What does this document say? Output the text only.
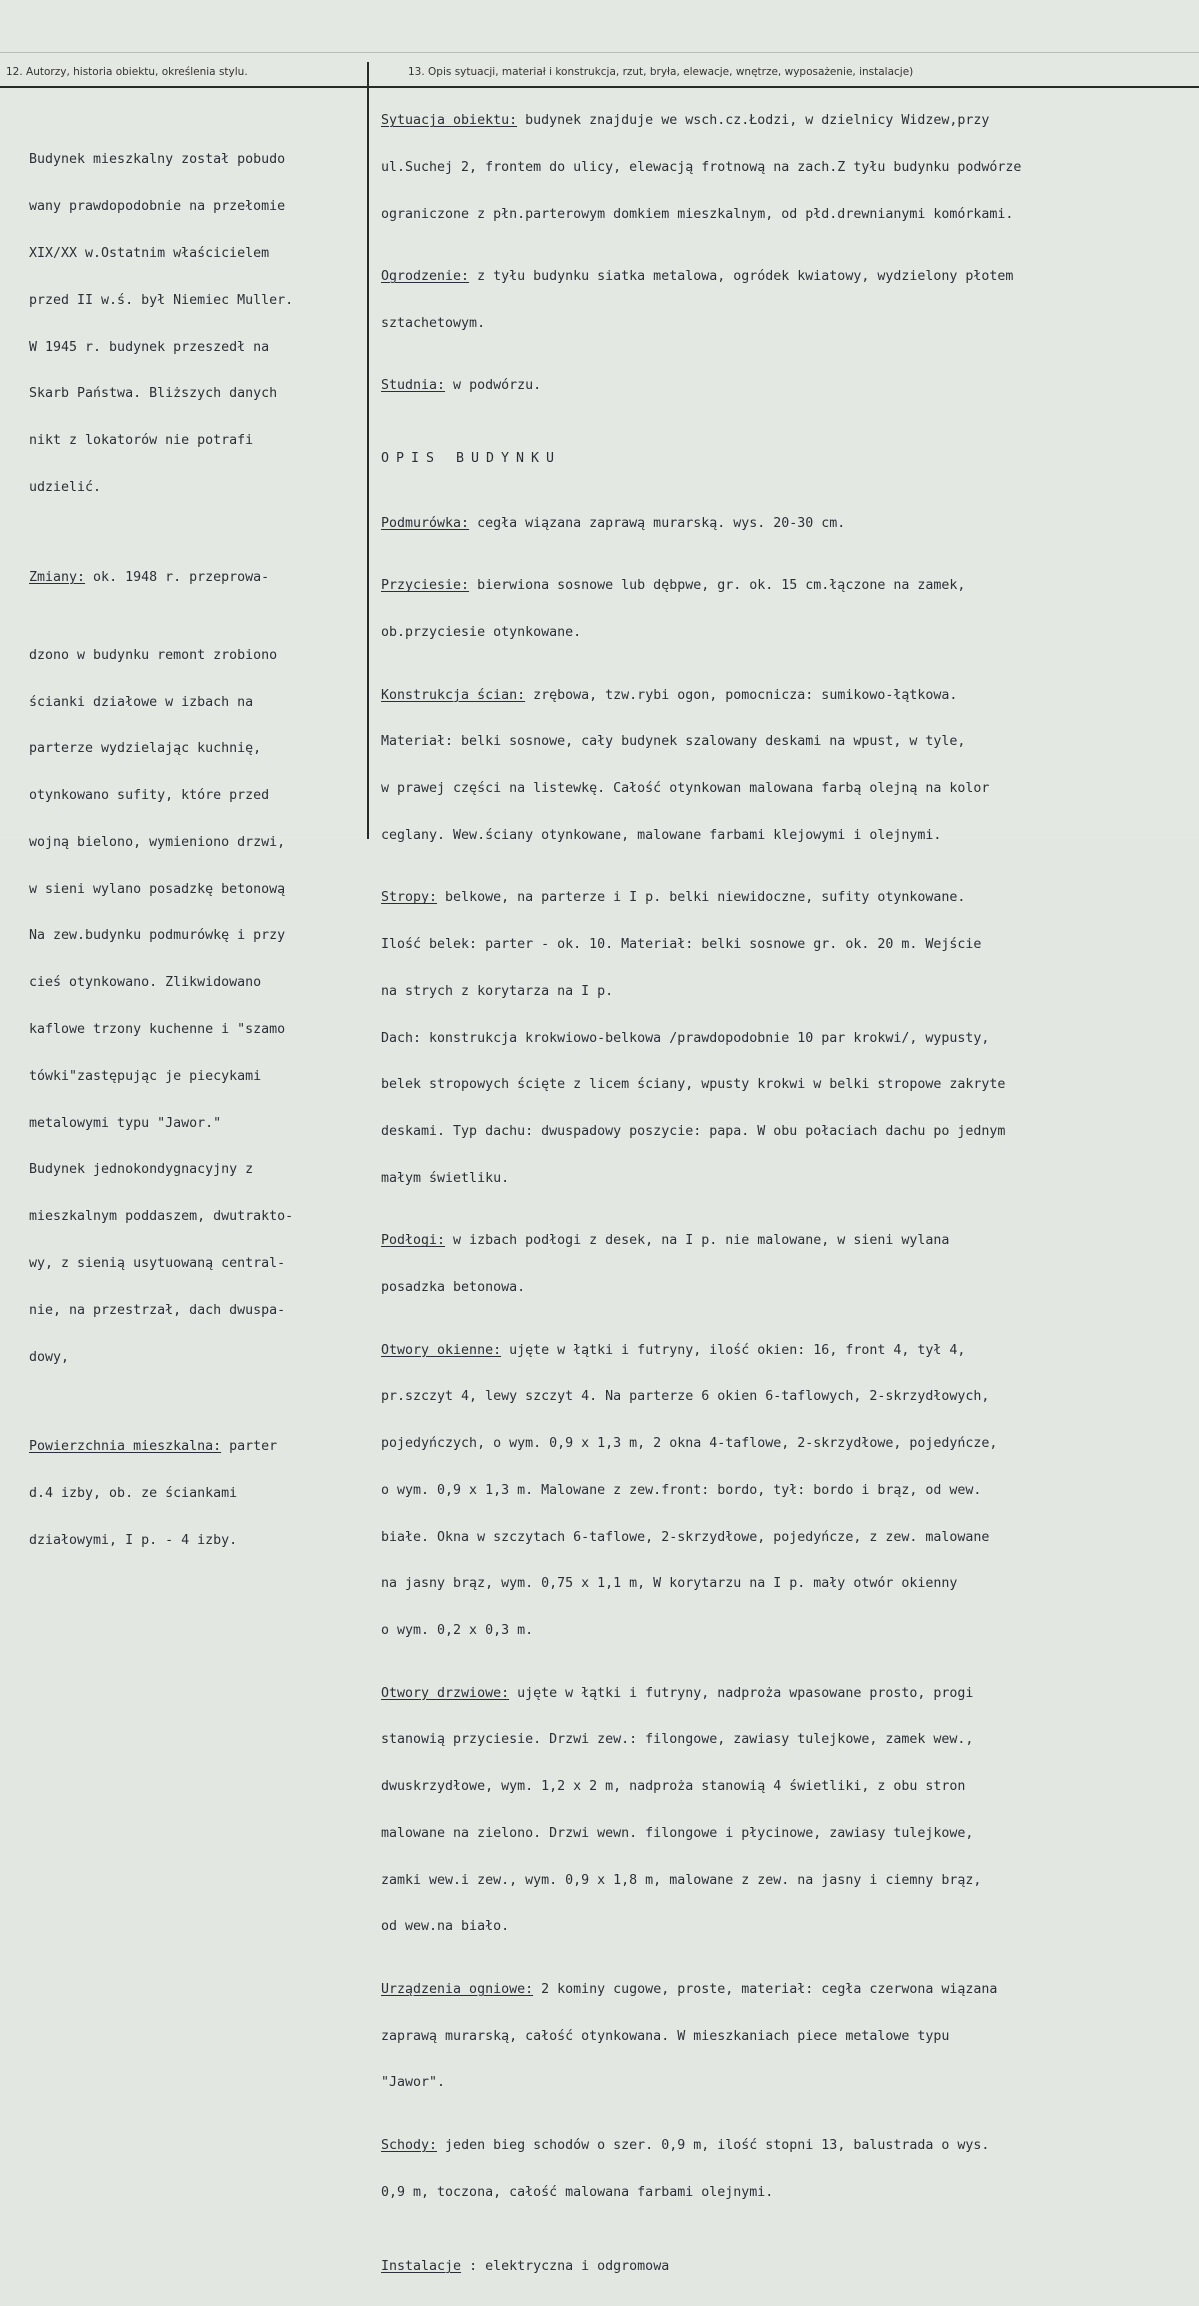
12. Autorzy, historia obiektu, określenia stylu.	13. Opis sytuacji, materiał i konstrukcja, rzut, bryła, elewacje, wnętrze, wyposażenie, instalacje)

Budynek mieszkalny został pobudo

wany prawdopodobnie na przełomie

XIX/XX w.Ostatnim właścicielem

przed II w.ś. był Niemiec Muller.

W 1945 r. budynek przeszedł na

Skarb Państwa. Bliższych danych

nikt z lokatorów nie potrafi

udzielić.

Zmiany: ok. 1948 r. przeprowa-

dzono w budynku remont zrobiono

ścianki działowe w izbach na

parterze wydzielając kuchnię,

otynkowano sufity, które przed

wojną bielono, wymieniono drzwi,

w sieni wylano posadzkę betonową

Na zew.budynku podmurówkę i przy

cieś otynkowano. Zlikwidowano

kaflowe trzony kuchenne i "szamo

tówki"zastępując je piecykami

metalowymi typu "Jawor."

Budynek jednokondygnacyjny z

mieszkalnym poddaszem, dwutrakto-

wy, z sienią usytuowaną central-

nie, na przestrzał, dach dwuspa-

dowy,

Powierzchnia mieszkalna: parter

d.4 izby, ob. ze ściankami

działowymi, I p. - 4 izby.

Sytuacja obiektu: budynek znajduje we wsch.cz.Łodzi, w dzielnicy Widzew,przy

ul.Suchej 2, frontem do ulicy, elewacją frotnową na zach.Z tyłu budynku podwórze

ograniczone z płn.parterowym domkiem mieszkalnym, od płd.drewnianymi komórkami.

Ogrodzenie: z tyłu budynku siatka metalowa, ogródek kwiatowy, wydzielony płotem

sztachetowym.

Studnia: w podwórzu.

OPIS BUDYNKU

Podmurówka: cegła wiązana zaprawą murarską. wys. 20-30 cm.

Przyciesie: bierwiona sosnowe lub dębpwe, gr. ok. 15 cm.łączone na zamek,

ob.przyciesie otynkowane.

Konstrukcja ścian: zrębowa, tzw.rybi ogon, pomocnicza: sumikowo-łątkowa.

Materiał: belki sosnowe, cały budynek szalowany deskami na wpust, w tyle,

w prawej części na listewkę. Całość otynkowan malowana farbą olejną na kolor

ceglany. Wew.ściany otynkowane, malowane farbami klejowymi i olejnymi.

Stropy: belkowe, na parterze i I p. belki niewidoczne, sufity otynkowane.

Ilość belek: parter - ok. 10. Materiał: belki sosnowe gr. ok. 20 m. Wejście

na strych z korytarza na I p.

Dach: konstrukcja krokwiowo-belkowa /prawdopodobnie 10 par krokwi/, wypusty,

belek stropowych ścięte z licem ściany, wpusty krokwi w belki stropowe zakryte

deskami. Typ dachu: dwuspadowy poszycie: papa. W obu połaciach dachu po jednym

małym świetliku.

Podłogi: w izbach podłogi z desek, na I p. nie malowane, w sieni wylana

posadzka betonowa.

Otwory okienne: ujęte w łątki i futryny, ilość okien: 16, front 4, tył 4,

pr.szczyt 4, lewy szczyt 4. Na parterze 6 okien 6-taflowych, 2-skrzydłowych,

pojedyńczych, o wym. 0,9 x 1,3 m, 2 okna 4-taflowe, 2-skrzydłowe, pojedyńcze,

o wym. 0,9 x 1,3 m. Malowane z zew.front: bordo, tył: bordo i brąz, od wew.

białe. Okna w szczytach 6-taflowe, 2-skrzydłowe, pojedyńcze, z zew. malowane

na jasny brąz, wym. 0,75 x 1,1 m, W korytarzu na I p. mały otwór okienny

o wym. 0,2 x 0,3 m.

Otwory drzwiowe: ujęte w łątki i futryny, nadproża wpasowane prosto, progi

stanowią przyciesie. Drzwi zew.: filongowe, zawiasy tulejkowe, zamek wew.,

dwuskrzydłowe, wym. 1,2 x 2 m, nadproża stanowią 4 świetliki, z obu stron

malowane na zielono. Drzwi wewn. filongowe i płycinowe, zawiasy tulejkowe,

zamki wew.i zew., wym. 0,9 x 1,8 m, malowane z zew. na jasny i ciemny brąz,

od wew.na biało.

Urządzenia ogniowe: 2 kominy cugowe, proste, materiał: cegła czerwona wiązana

zaprawą murarską, całość otynkowana. W mieszkaniach piece metalowe typu

"Jawor".

Schody: jeden bieg schodów o szer. 0,9 m, ilość stopni 13, balustrada o wys.

0,9 m, toczona, całość malowana farbami olejnymi.

Instalacje : elektryczna i odgromowa
